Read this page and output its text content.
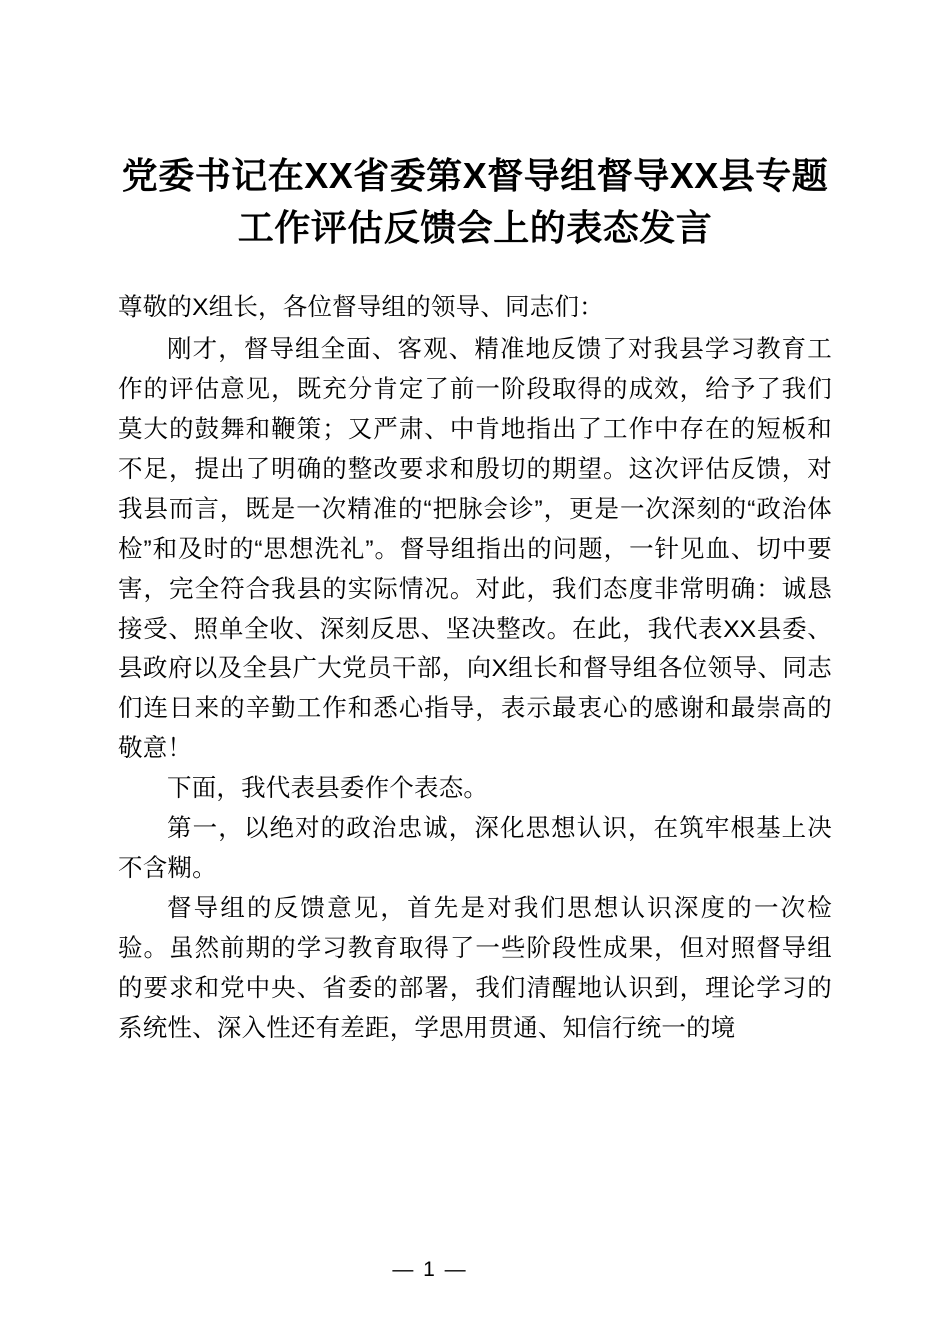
党委书记在XX省委第X督导组督导XX县专题工作评估反馈会上的表态发言

尊敬的X组长，各位督导组的领导、同志们：

刚才，督导组全面、客观、精准地反馈了对我县学习教育工作的评估意见，既充分肯定了前一阶段取得的成效，给予了我们莫大的鼓舞和鞭策；又严肃、中肯地指出了工作中存在的短板和不足，提出了明确的整改要求和殷切的期望。这次评估反馈，对我县而言，既是一次精准的“把脉会诊”，更是一次深刻的“政治体检”和及时的“思想洗礼”。督导组指出的问题，一针见血、切中要害，完全符合我县的实际情况。对此，我们态度非常明确：诚恳接受、照单全收、深刻反思、坚决整改。在此，我代表XX县委、县政府以及全县广大党员干部，向X组长和督导组各位领导、同志们连日来的辛勤工作和悉心指导，表示最衷心的感谢和最崇高的敬意！

下面，我代表县委作个表态。

第一，以绝对的政治忠诚，深化思想认识，在筑牢根基上决不含糊。

督导组的反馈意见，首先是对我们思想认识深度的一次检验。虽然前期的学习教育取得了一些阶段性成果，但对照督导组的要求和党中央、省委的部署，我们清醒地认识到，理论学习的系统性、深入性还有差距，学思用贯通、知信行统一的境

— 1 —
